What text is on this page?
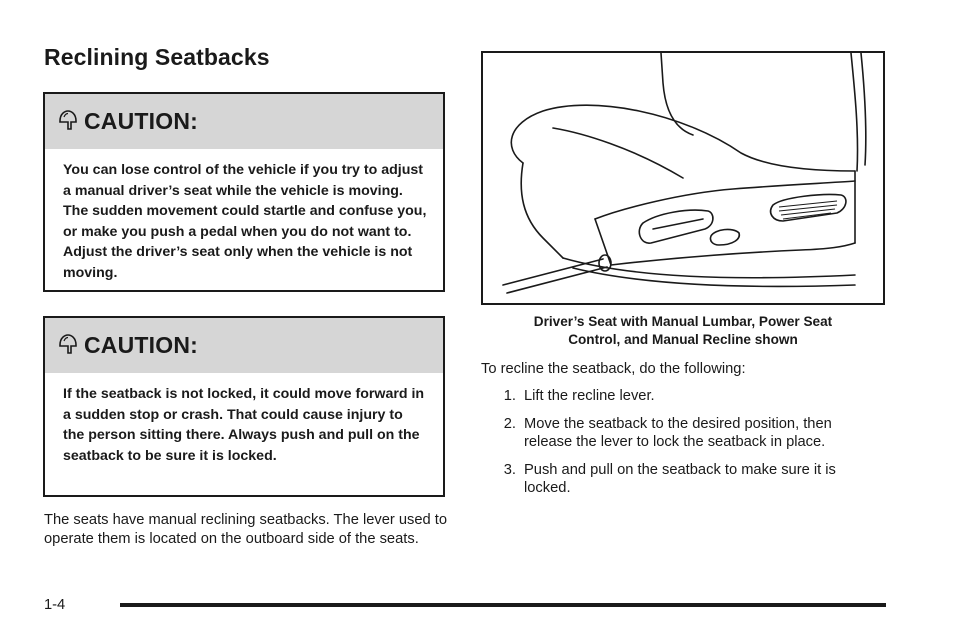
Reclining Seatbacks
CAUTION:
You can lose control of the vehicle if you try to adjust a manual driver’s seat while the vehicle is moving. The sudden movement could startle and confuse you, or make you push a pedal when you do not want to. Adjust the driver’s seat only when the vehicle is not moving.
CAUTION:
If the seatback is not locked, it could move forward in a sudden stop or crash. That could cause injury to the person sitting there. Always push and pull on the seatback to be sure it is locked.

The seats have manual reclining seatbacks. The lever used to operate them is located on the outboard side of the seats.

Driver’s Seat with Manual Lumbar, Power Seat
Control, and Manual Recline shown

To recline the seatback, do the following:

1. Lift the recline lever.
2. Move the seatback to the desired position, then release the lever to lock the seatback in place.
3. Push and pull on the seatback to make sure it is locked.
1-4
